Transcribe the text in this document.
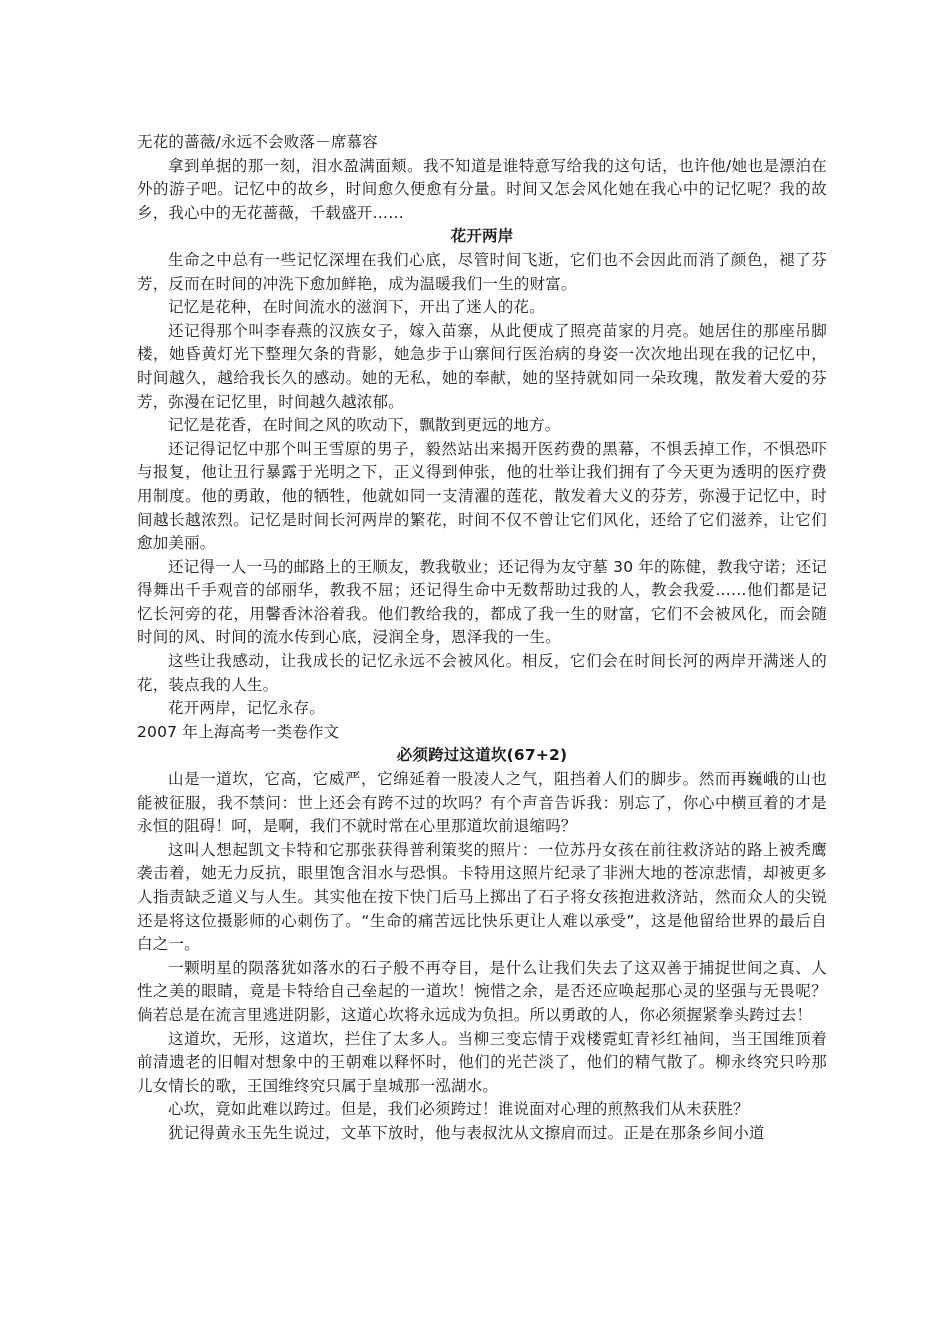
无花的蔷薇/永远不会败落－席慕容

拿到单据的那一刻，泪水盈满面颊。我不知道是谁特意写给我的这句话，也许他/她也是漂泊在外的游子吧。记忆中的故乡，时间愈久便愈有分量。时间又怎会风化她在我心中的记忆呢？我的故乡，我心中的无花蔷薇，千载盛开……

花开两岸

生命之中总有一些记忆深埋在我们心底，尽管时间飞逝，它们也不会因此而消了颜色，褪了芬芳，反而在时间的冲洗下愈加鲜艳，成为温暖我们一生的财富。

记忆是花种，在时间流水的滋润下，开出了迷人的花。

还记得那个叫李春燕的汉族女子，嫁入苗寨，从此便成了照亮苗家的月亮。她居住的那座吊脚 楼，她昏黄灯光下整理欠条的背影，她急步于山寨间行医治病的身姿一次次地出现在我的记忆中，时间越久，越给我长久的感动。她的无私，她的奉献，她的坚持就如同一朵玫瑰，散发着大爱的芬芳，弥漫在记忆里，时间越久越浓郁。

记忆是花香，在时间之风的吹动下，飘散到更远的地方。

还记得记忆中那个叫王雪原的男子，毅然站出来揭开医药费的黑幕，不惧丢掉工作，不惧恐吓与报复，他让丑行暴露于光明之下，正义得到伸张，他的壮举让我们拥有了今天更为透明的医疗费用制度。他的勇敢，他的牺牲，他就如同一支清濯的莲花，散发着大义的芬芳，弥漫于记忆中，时间越长越浓烈。记忆是时间长河两岸的繁花，时间不仅不曾让它们风化，还给了它们滋养，让它们愈加美丽。

还记得一人一马的邮路上的王顺友，教我敬业；还记得为友守墓 30 年的陈健，教我守诺；还记得舞出千手观音的邰丽华，教我不屈；还记得生命中无数帮助过我的人，教会我爱……他们都是记忆长河旁的花，用馨香沐浴着我。他们教给我的，都成了我一生的财富，它们不会被风化，而会随时间的风、时间的流水传到心底，浸润全身，恩泽我的一生。

这些让我感动，让我成长的记忆永远不会被风化。相反，它们会在时间长河的两岸开满迷人的花，装点我的人生。

花开两岸，记忆永存。

2007 年上海高考一类卷作文

必须跨过这道坎(67+2)

山是一道坎，它高，它威严，它绵延着一股凌人之气，阻挡着人们的脚步。然而再巍峨的山也能被征服，我不禁问：世上还会有跨不过的坎吗？有个声音告诉我：别忘了，你心中横亘着的才是永恒的阻碍！呵，是啊，我们不就时常在心里那道坎前退缩吗？

这叫人想起凯文卡特和它那张获得普利策奖的照片：一位苏丹女孩在前往救济站的路上被秃鹰袭击着，她无力反抗，眼里饱含泪水与恐惧。卡特用这照片纪录了非洲大地的苍凉悲情，却被更多人指责缺乏道义与人生。其实他在按下快门后马上掷出了石子将女孩抱进救济站，然而众人的尖锐还是将这位摄影师的心刺伤了。“生命的痛苦远比快乐更让人难以承受”，这是他留给世界的最后自白之一。

一颗明星的陨落犹如落水的石子般不再夺目，是什么让我们失去了这双善于捕捉世间之真、人性之美的眼睛，竟是卡特给自己垒起的一道坎！惋惜之余，是否还应唤起那心灵的坚强与无畏呢？倘若总是在流言里逃进阴影，这道心坎将永远成为负担。所以勇敢的人，你必须握紧拳头跨过去！

这道坎，无形，这道坎，拦住了太多人。当柳三变忘情于戏楼霓虹青衫红袖间，当王国维顶着前清遗老的旧帽对想象中的王朝难以释怀时，他们的光芒淡了，他们的精气散了。柳永终究只吟那儿女情长的歌，王国维终究只属于皇城那一泓湖水。

心坎，竟如此难以跨过。但是，我们必须跨过！谁说面对心理的煎熬我们从未获胜？

犹记得黄永玉先生说过，文革下放时，他与表叔沈从文擦肩而过。正是在那条乡间小道
